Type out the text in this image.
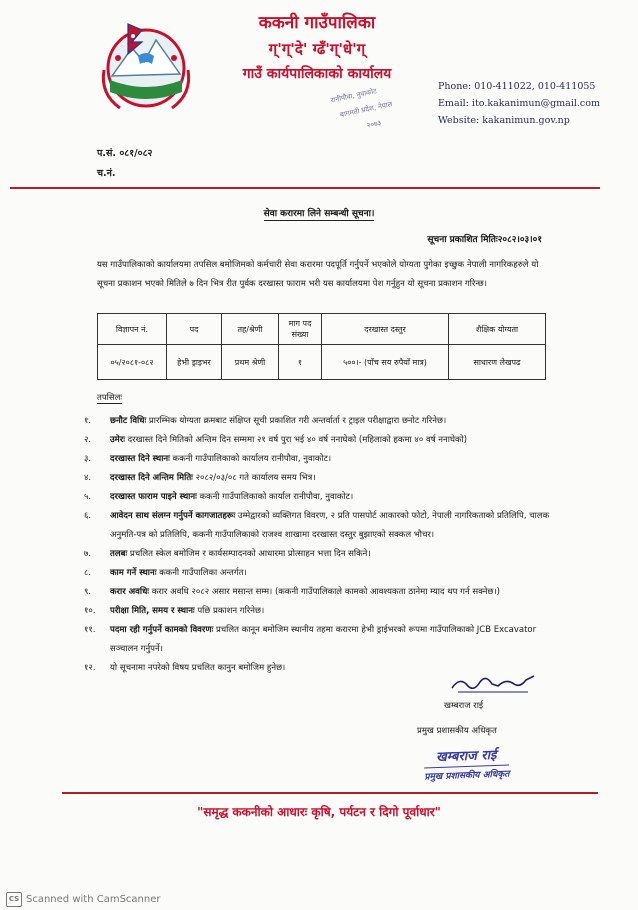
ककनी गाउँपालिका
ग्'ग्'दे' ग्ढँ'ग्'धे'ग्
गाउँ कार्यपालिकाको कार्यालय
रानीपौवा, नुवाकोट
बागमती प्रदेश, नेपाल
२०७३
Phone: 010-411022, 010-411055
Email: ito.kakanimun@gmail.com
Website: kakanimun.gov.np
प.सं. ०८१/०८२
च.नं.
सेवा करारमा लिने सम्बन्धी सूचना।
सूचना प्रकाशित मितिः२०८२।०३।०१
यस गाउँपालिकाको कार्यालयमा तपसिल बमोजिमको कर्मचारी सेवा करारमा पदपूर्ति गर्नुपर्ने भएकोले योग्यता पुगेका इच्छुक नेपाली नागरिकहरुले यो सूचना प्रकाशन भएको मितिले ७ दिन भित्र रीत पुर्वक दरखास्त फाराम भरी यस कार्यालयमा पेश गर्नुहुन यो सूचना प्रकाशन गरिन्छ।
विज्ञापन नं.	पद	तह/श्रेणी	माग पद संख्या	दरखास्त दस्तुर	शैक्षिक योग्यता
०५/२०८१-०८२	हेभी ड्राइभर	प्रथम श्रेणी	१	५००।- (पाँच सय रुपैयाँ मात्र)	साधारण लेखपढ
तपसिलः
१.	छनौट विधिः प्रारम्भिक योग्यता क्रमबाट संक्षिप्त सूची प्रकाशित गरी अन्तर्वार्ता र ट्राइल परीक्षाद्वारा छनोट गरिनेछ।
२.	उमेरः दरखास्त दिने मितिको अन्तिम दिन सम्ममा २१ वर्ष पुरा भई ४० वर्ष ननाघेको (महिलाको हकमा ४० वर्ष ननाघेको)
३.	दरखास्त दिने स्थानः ककनी गाउँपालिकाको कार्यालय रानीपौवा, नुवाकोट।
४.	दरखास्त दिने अन्तिम मितिः २०८२/०३/०८ गते कार्यालय समय भित्र।
५.	दरखास्त फाराम पाइने स्थानः ककनी गाउँपालिकाको कार्याल रानीपौवा, नुवाकोट।
६.	आवेदन साथ संलग्न गर्नुपर्ने कागजातहरूः उम्मेद्वारको व्यक्तिगत विवरण, २ प्रति पासपोर्ट आकारको फोटो, नेपाली नागरिकताको प्रतिलिपि, चालक अनुमति-पत्र को प्रतिलिपि, ककनी गाउँपालिकाको राजश्व शाखामा दरखास्त दस्तुर बुझाएको सक्कल भौचर।
७.	तलबः प्रचलित स्केल बमोजिम र कार्यसम्पादनको आधारमा प्रोत्साहन भत्ता दिन सकिने।
८.	काम गर्ने स्थानः ककनी गाउँपालिका अन्तर्गत।
९.	करार अवधिः करार अवधि २०८२ असार मसान्त सम्म। (ककनी गाउँपालिकाले कामको आवश्यकता ठानेमा म्याद थप गर्न सक्नेछ।)
१०.	परीक्षा मिति, समय र स्थानः पछि प्रकाशन गरिनेछ।
११.	पदमा रही गर्नुपर्ने कामको विवरणः प्रचलित कानून बमोजिम स्थानीय तहमा करारमा हेभी ड्राईभरको रूपमा गाउँपालिकाको JCB Excavator सञ्चालन गर्नुपर्ने।
१२.	यो सूचनामा नपरेको विषय प्रचलित कानुन बमोजिम हुनेछ।
खम्बराज राई
प्रमुख प्रशासकीय अधिकृत
खम्बराज राई
प्रमुख प्रशासकीय अधिकृत
"समृद्ध ककनीको आधारः कृषि, पर्यटन र दिगो पूर्वाधार"
CS Scanned with CamScanner
